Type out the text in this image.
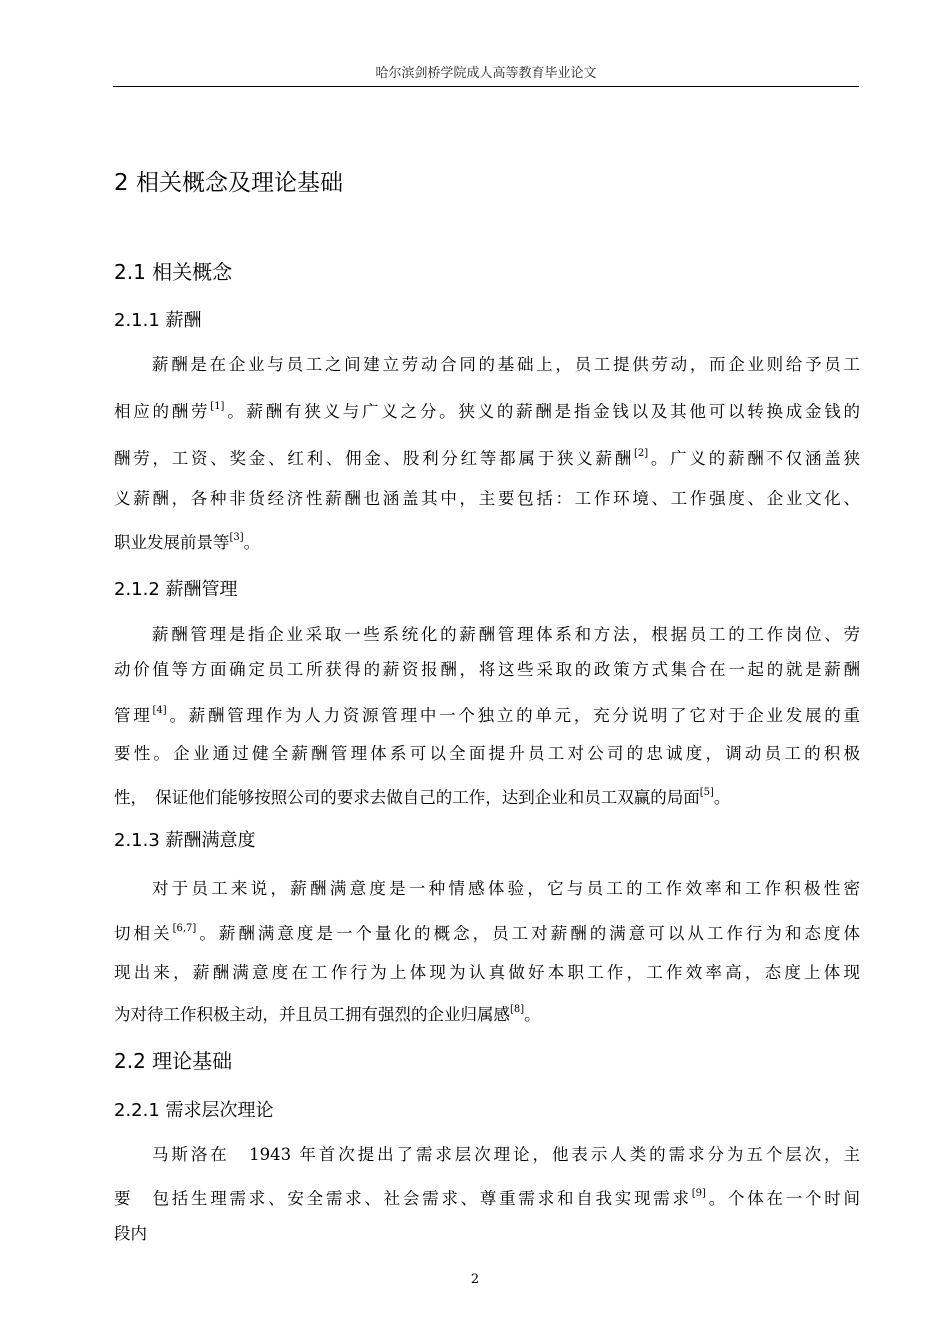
哈尔滨剑桥学院成人高等教育毕业论文
2 相关概念及理论基础
2.1 相关概念
2.1.1 薪酬
薪酬是在企业与员工之间建立劳动合同的基础上，员工提供劳动，而企业则给予员工
相应的酬劳[1]。薪酬有狭义与广义之分。狭义的薪酬是指金钱以及其他可以转换成金钱的
酬劳，工资、奖金、红利、佣金、股利分红等都属于狭义薪酬[2]。广义的薪酬不仅涵盖狭
义薪酬，各种非货经济性薪酬也涵盖其中，主要包括：工作环境、工作强度、企业文化、
职业发展前景等[3]。
2.1.2 薪酬管理
薪酬管理是指企业采取一些系统化的薪酬管理体系和方法，根据员工的工作岗位、劳
动价值等方面确定员工所获得的薪资报酬，将这些采取的政策方式集合在一起的就是薪酬
管理[4]。薪酬管理作为人力资源管理中一个独立的单元，充分说明了它对于企业发展的重
要性。企业通过健全薪酬管理体系可以全面提升员工对公司的忠诚度，调动员工的积极
性，　保证他们能够按照公司的要求去做自己的工作，达到企业和员工双赢的局面[5]。
2.1.3 薪酬满意度
对于员工来说，薪酬满意度是一种情感体验，它与员工的工作效率和工作积极性密
切相关[6,7]。薪酬满意度是一个量化的概念，员工对薪酬的满意可以从工作行为和态度体
现出来，薪酬满意度在工作行为上体现为认真做好本职工作，工作效率高，态度上体现
为对待工作积极主动，并且员工拥有强烈的企业归属感[8]。
2.2 理论基础
2.2.1 需求层次理论
马斯洛在　1943 年首次提出了需求层次理论，他表示人类的需求分为五个层次，主
要　包括生理需求、安全需求、社会需求、尊重需求和自我实现需求[9]。个体在一个时间
段内
2
